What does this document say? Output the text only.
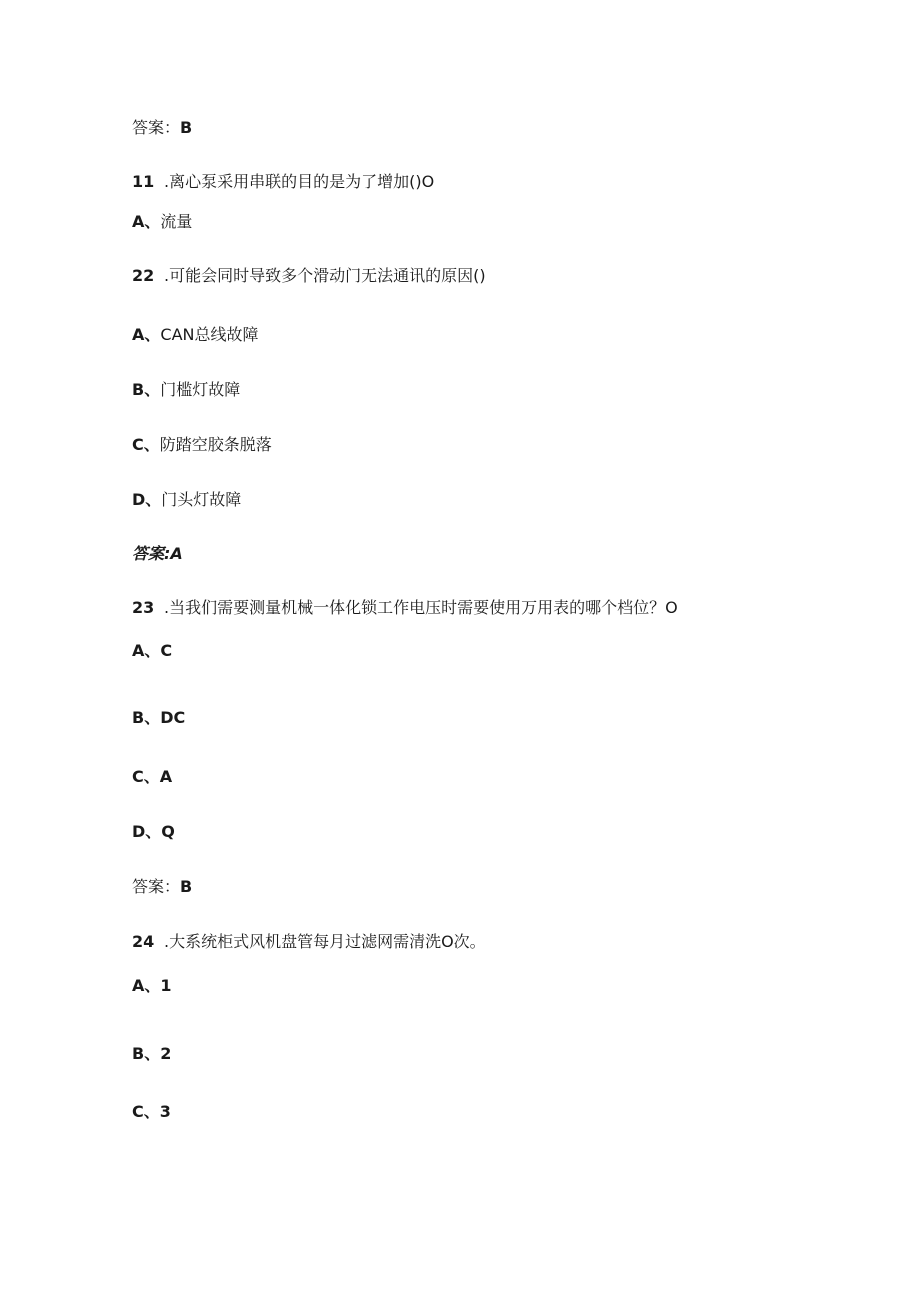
答案：B
11 .离心泵采用串联的目的是为了增加()O
A、流量
22 .可能会同时导致多个滑动门无法通讯的原因()
A、CAN总线故障
B、门槛灯故障
C、防踏空胶条脱落
D、门头灯故障
答案:A
23 .当我们需要测量机械一体化锁工作电压时需要使用万用表的哪个档位？O
A、C
B、DC
C、A
D、Q
答案：B
24 .大系统柜式风机盘管每月过滤网需清洗O次。
A、1
B、2
C、3
